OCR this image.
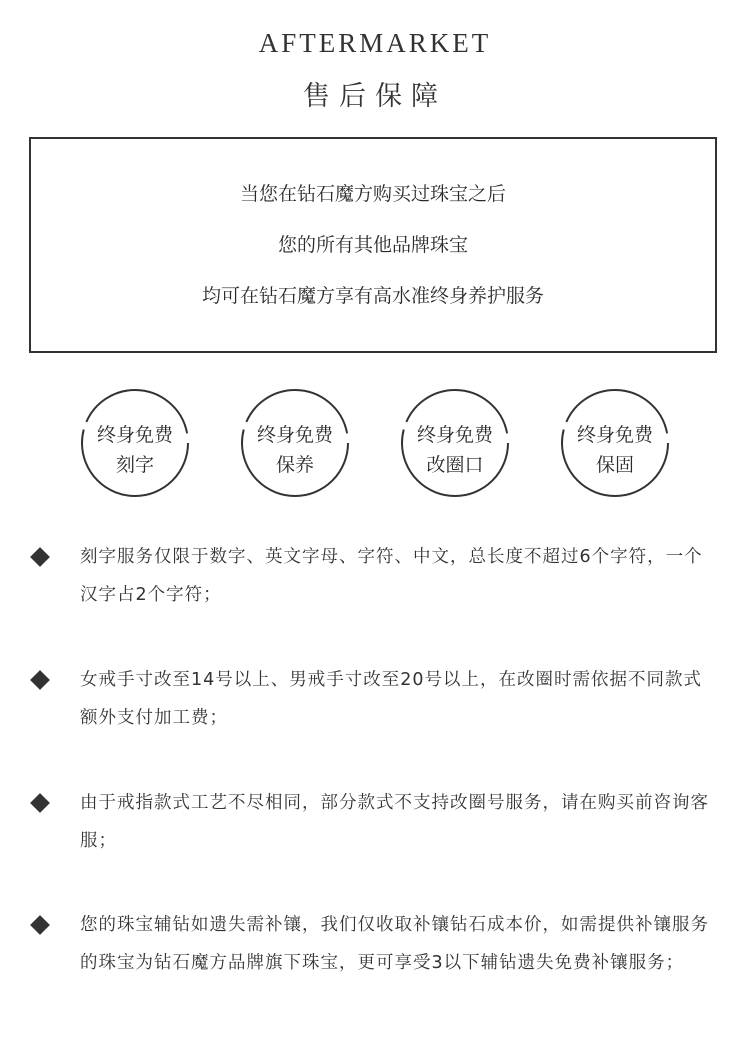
AFTERMARKET
售后保障
当您在钻石魔方购买过珠宝之后
您的所有其他品牌珠宝
均可在钻石魔方享有高水准终身养护服务
终身免费
刻字
终身免费
保养
终身免费
改圈口
终身免费
保固
刻字服务仅限于数字、英文字母、字符、中文，总长度不超过6个字符，一个汉字占2个字符；
女戒手寸改至14号以上、男戒手寸改至20号以上，在改圈时需依据不同款式额外支付加工费；
由于戒指款式工艺不尽相同，部分款式不支持改圈号服务，请在购买前咨询客服；
您的珠宝辅钻如遗失需补镶，我们仅收取补镶钻石成本价，如需提供补镶服务的珠宝为钻石魔方品牌旗下珠宝，更可享受3以下辅钻遗失免费补镶服务；
